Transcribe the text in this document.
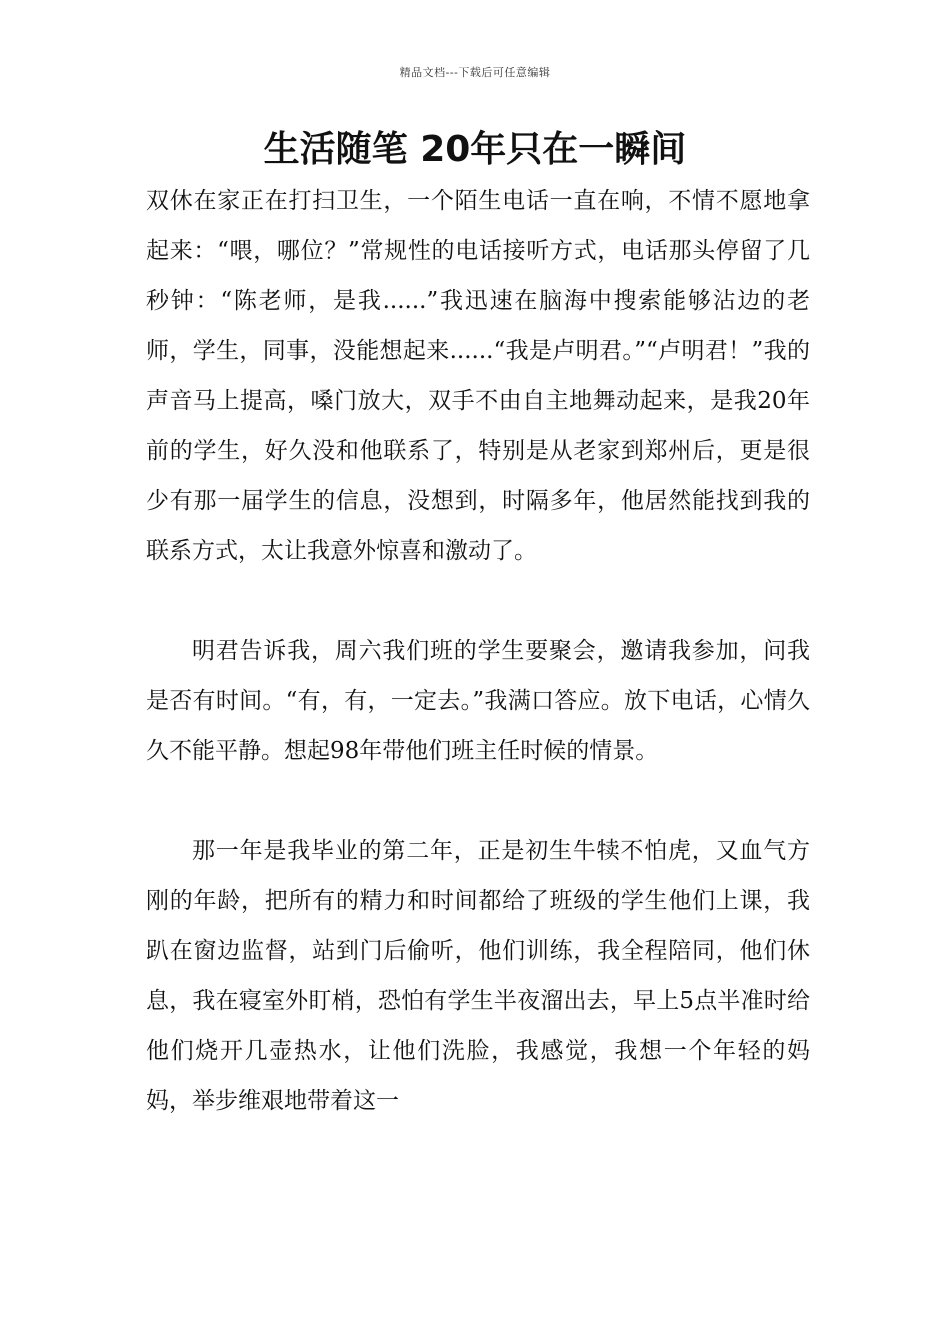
精品文档---下载后可任意编辑
生活随笔 20年只在一瞬间

双休在家正在打扫卫生，一个陌生电话一直在响，不情不愿地拿起来：“喂，哪位？”常规性的电话接听方式，电话那头停留了几秒钟：“陈老师，是我......”我迅速在脑海中搜索能够沾边的老师，学生，同事，没能想起来......“我是卢明君。”“卢明君！”我的声音马上提高，嗓门放大，双手不由自主地舞动起来，是我20年前的学生，好久没和他联系了，特别是从老家到郑州后，更是很少有那一届学生的信息，没想到，时隔多年，他居然能找到我的联系方式，太让我意外惊喜和激动了。

明君告诉我，周六我们班的学生要聚会，邀请我参加，问我是否有时间。“有，有，一定去。”我满口答应。放下电话，心情久久不能平静。想起98年带他们班主任时候的情景。

那一年是我毕业的第二年，正是初生牛犊不怕虎，又血气方刚的年龄，把所有的精力和时间都给了班级的学生他们上课，我趴在窗边监督，站到门后偷听，他们训练，我全程陪同，他们休息，我在寝室外盯梢，恐怕有学生半夜溜出去，早上5点半准时给他们烧开几壶热水，让他们洗脸，我感觉，我想一个年轻的妈妈，举步维艰地带着这一
